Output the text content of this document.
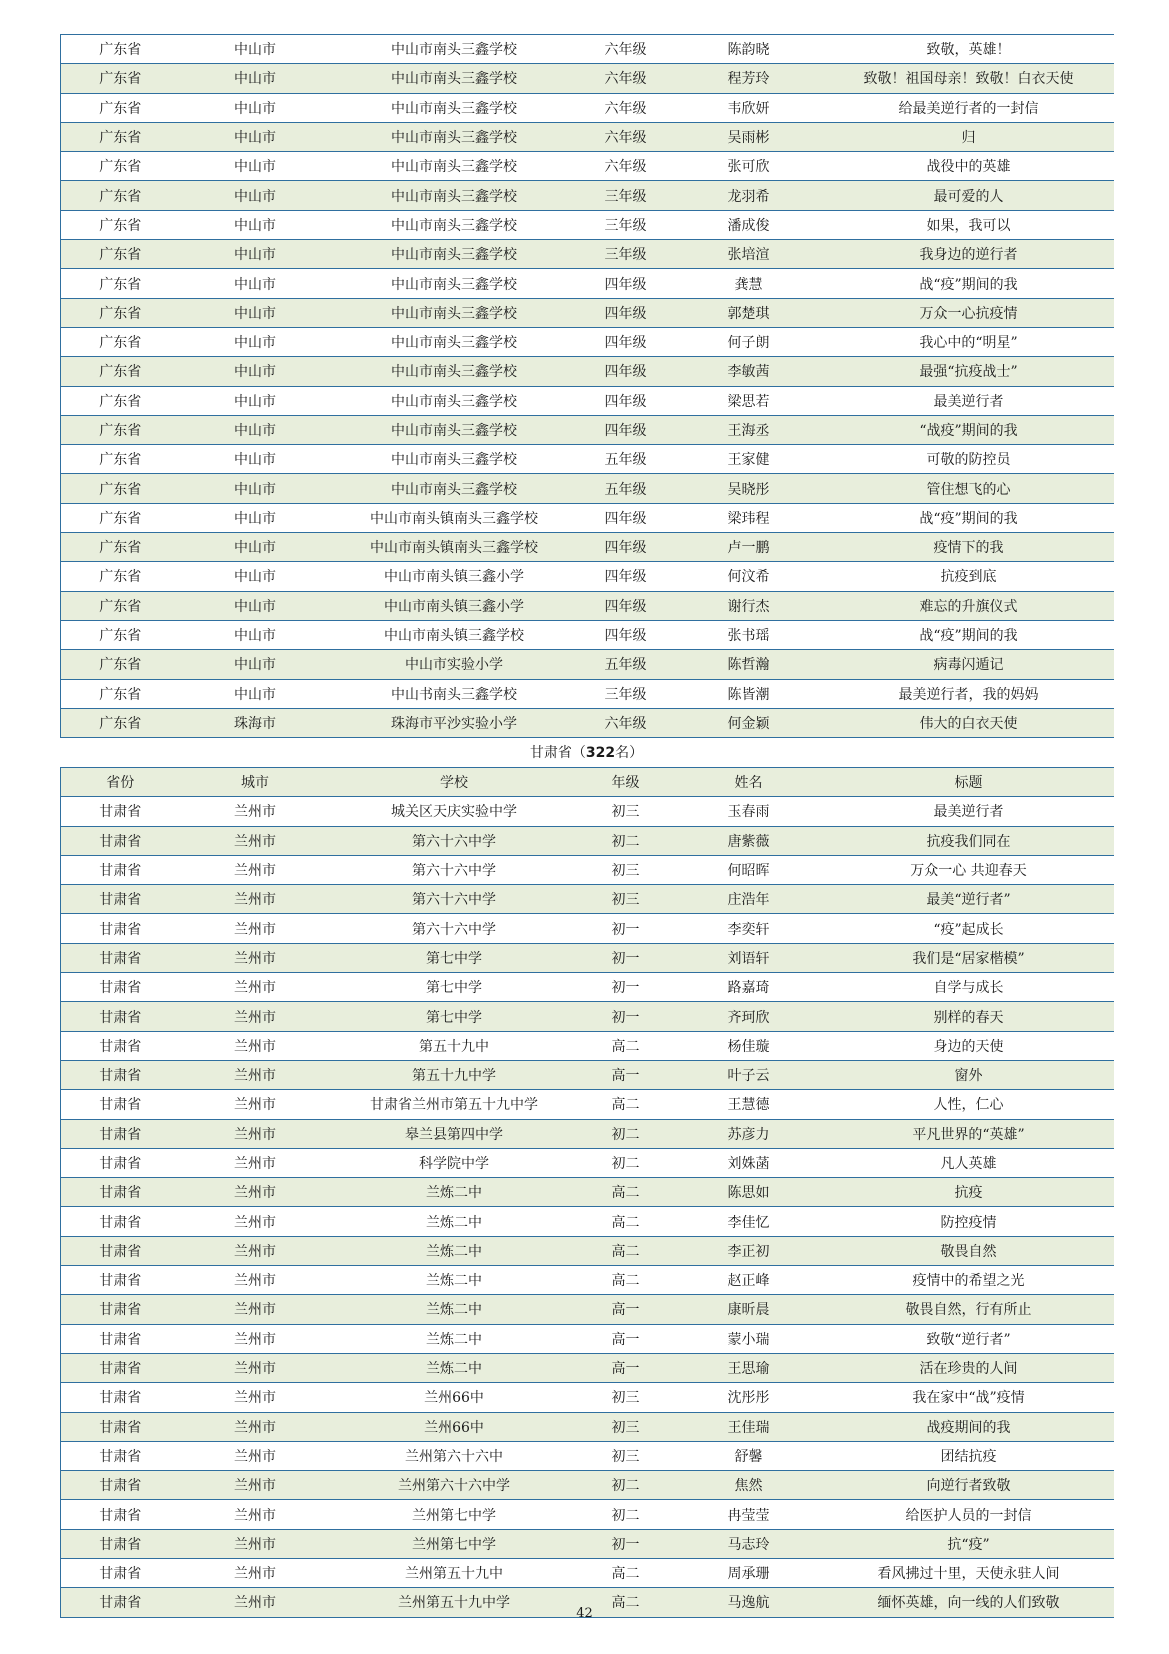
广东省	中山市	中山市南头三鑫学校	六年级	陈韵晓	致敬，英雄！
广东省	中山市	中山市南头三鑫学校	六年级	程芳玲	致敬！祖国母亲！致敬！白衣天使
广东省	中山市	中山市南头三鑫学校	六年级	韦欣妍	给最美逆行者的一封信
广东省	中山市	中山市南头三鑫学校	六年级	吴雨彬	归
广东省	中山市	中山市南头三鑫学校	六年级	张可欣	战役中的英雄
广东省	中山市	中山市南头三鑫学校	三年级	龙羽希	最可爱的人
广东省	中山市	中山市南头三鑫学校	三年级	潘成俊	如果，我可以
广东省	中山市	中山市南头三鑫学校	三年级	张培渲	我身边的逆行者
广东省	中山市	中山市南头三鑫学校	四年级	龚慧	战“疫”期间的我
广东省	中山市	中山市南头三鑫学校	四年级	郭楚琪	万众一心抗疫情
广东省	中山市	中山市南头三鑫学校	四年级	何子朗	我心中的“明星”
广东省	中山市	中山市南头三鑫学校	四年级	李敏茜	最强“抗疫战士”
广东省	中山市	中山市南头三鑫学校	四年级	梁思若	最美逆行者
广东省	中山市	中山市南头三鑫学校	四年级	王海丞	“战疫”期间的我
广东省	中山市	中山市南头三鑫学校	五年级	王家健	可敬的防控员
广东省	中山市	中山市南头三鑫学校	五年级	吴晓彤	管住想飞的心
广东省	中山市	中山市南头镇南头三鑫学校	四年级	梁玮程	战“疫”期间的我
广东省	中山市	中山市南头镇南头三鑫学校	四年级	卢一鹏	疫情下的我
广东省	中山市	中山市南头镇三鑫小学	四年级	何汶希	抗疫到底
广东省	中山市	中山市南头镇三鑫小学	四年级	谢行杰	难忘的升旗仪式
广东省	中山市	中山市南头镇三鑫学校	四年级	张书瑶	战“疫”期间的我
广东省	中山市	中山市实验小学	五年级	陈哲瀚	病毒闪遁记
广东省	中山市	中山书南头三鑫学校	三年级	陈皆潮	最美逆行者，我的妈妈
广东省	珠海市	珠海市平沙实验小学	六年级	何金颖	伟大的白衣天使
甘肃省（322名）
省份	城市	学校	年级	姓名	标题
甘肃省	兰州市	城关区天庆实验中学	初三	玉春雨	最美逆行者
甘肃省	兰州市	第六十六中学	初二	唐紫薇	抗疫我们同在
甘肃省	兰州市	第六十六中学	初三	何昭晖	万众一心 共迎春天
甘肃省	兰州市	第六十六中学	初三	庄浩年	最美“逆行者”
甘肃省	兰州市	第六十六中学	初一	李奕轩	“疫”起成长
甘肃省	兰州市	第七中学	初一	刘语轩	我们是“居家楷模”
甘肃省	兰州市	第七中学	初一	路嘉琦	自学与成长
甘肃省	兰州市	第七中学	初一	齐珂欣	别样的春天
甘肃省	兰州市	第五十九中	高二	杨佳璇	身边的天使
甘肃省	兰州市	第五十九中学	高一	叶子云	窗外
甘肃省	兰州市	甘肃省兰州市第五十九中学	高二	王慧德	人性，仁心
甘肃省	兰州市	皋兰县第四中学	初二	苏彦力	平凡世界的“英雄”
甘肃省	兰州市	科学院中学	初二	刘姝菡	凡人英雄
甘肃省	兰州市	兰炼二中	高二	陈思如	抗疫
甘肃省	兰州市	兰炼二中	高二	李佳忆	防控疫情
甘肃省	兰州市	兰炼二中	高二	李正初	敬畏自然
甘肃省	兰州市	兰炼二中	高二	赵正峰	疫情中的希望之光
甘肃省	兰州市	兰炼二中	高一	康昕晨	敬畏自然，行有所止
甘肃省	兰州市	兰炼二中	高一	蒙小瑞	致敬“逆行者”
甘肃省	兰州市	兰炼二中	高一	王思瑜	活在珍贵的人间
甘肃省	兰州市	兰州66中	初三	沈彤彤	我在家中“战”疫情
甘肃省	兰州市	兰州66中	初三	王佳瑞	战疫期间的我
甘肃省	兰州市	兰州第六十六中	初三	舒馨	团结抗疫
甘肃省	兰州市	兰州第六十六中学	初二	焦然	向逆行者致敬
甘肃省	兰州市	兰州第七中学	初二	冉莹莹	给医护人员的一封信
甘肃省	兰州市	兰州第七中学	初一	马志玲	抗“疫”
甘肃省	兰州市	兰州第五十九中	高二	周承珊	看风拂过十里，天使永驻人间
甘肃省	兰州市	兰州第五十九中学	高二	马逸航	缅怀英雄，向一线的人们致敬
42
